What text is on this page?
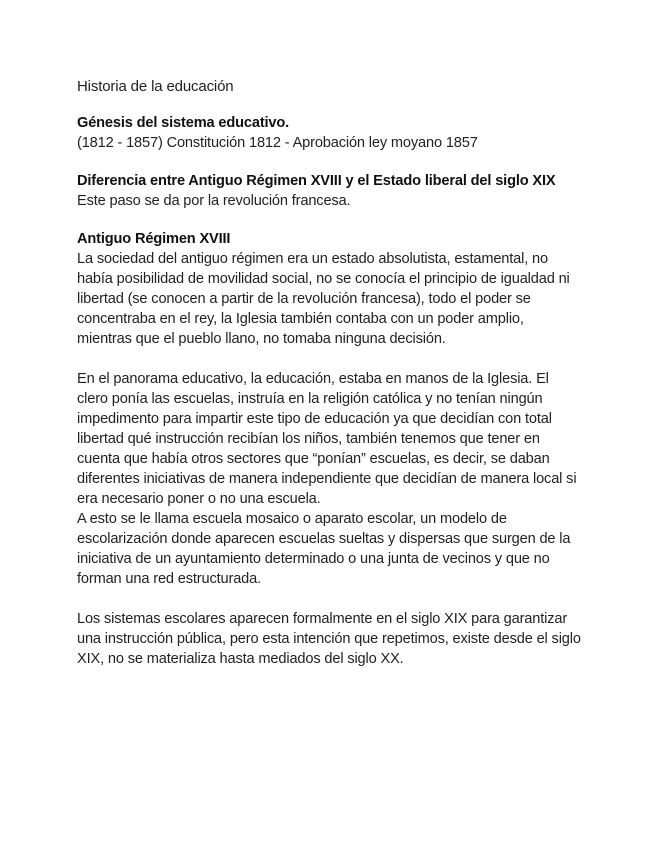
Historia de la educación
Génesis del sistema educativo.

(1812 - 1857) Constitución 1812 - Aprobación ley moyano 1857

Diferencia entre Antiguo Régimen XVIII y el Estado liberal del siglo XIX

Este paso se da por la revolución francesa.

Antiguo Régimen XVIII

La sociedad del antiguo régimen era un estado absolutista, estamental, no había posibilidad de movilidad social, no se conocía el principio de igualdad ni libertad (se conocen a partir de la revolución francesa), todo el poder se concentraba en el rey, la Iglesia también contaba con un poder amplio, mientras que el pueblo llano, no tomaba ninguna decisión.

En el panorama educativo, la educación, estaba en manos de la Iglesia. El clero ponía las escuelas, instruía en la religión católica y no tenían ningún impedimento para impartir este tipo de educación ya que decidían con total libertad qué instrucción recibían los niños, también tenemos que tener en cuenta que había otros sectores que “ponían” escuelas, es decir, se daban diferentes iniciativas de manera independiente que decidían de manera local si era necesario poner o no una escuela.

A esto se le llama escuela mosaico o aparato escolar, un modelo de escolarización donde aparecen escuelas sueltas y dispersas que surgen de la iniciativa de un ayuntamiento determinado o una junta de vecinos y que no forman una red estructurada.

Los sistemas escolares aparecen formalmente en el siglo XIX para garantizar una instrucción pública, pero esta intención que repetimos, existe desde el siglo XIX, no se materializa hasta mediados del siglo XX.
